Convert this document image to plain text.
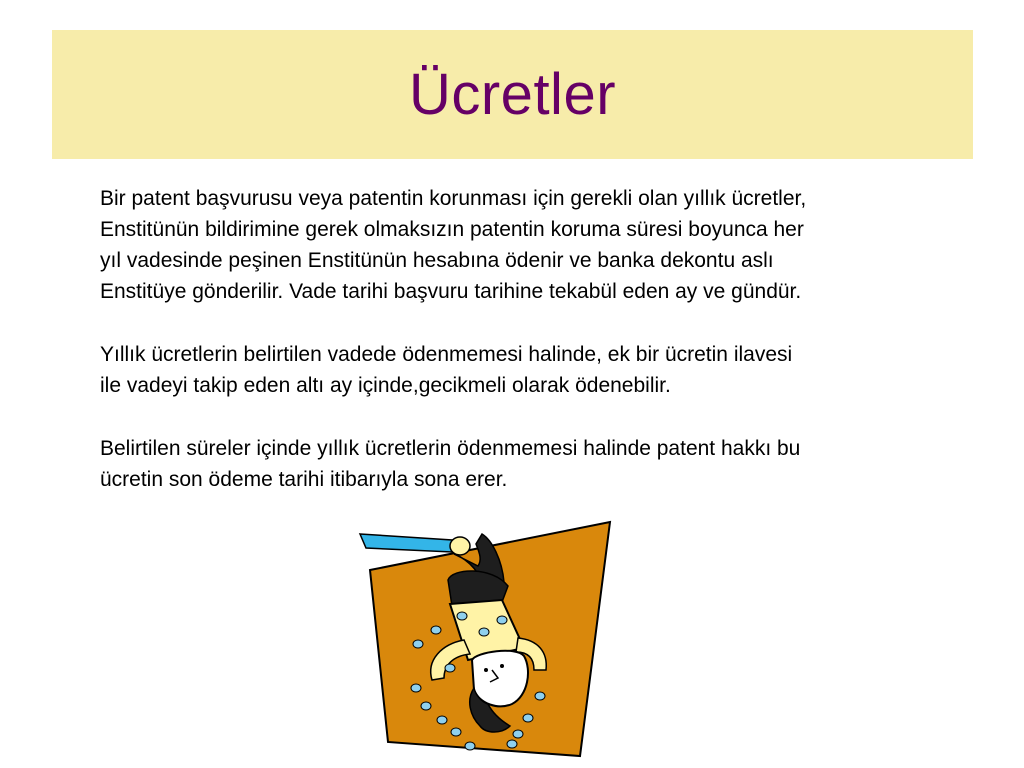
Ücretler

Bir patent başvurusu veya patentin korunması için gerekli olan yıllık ücretler,
Enstitünün bildirimine gerek olmaksızın patentin koruma süresi boyunca her
yıl vadesinde peşinen Enstitünün hesabına ödenir ve banka dekontu aslı
Enstitüye gönderilir. Vade tarihi başvuru tarihine tekabül eden ay ve gündür.

Yıllık ücretlerin belirtilen vadede ödenmemesi halinde, ek bir ücretin ilavesi
ile vadeyi takip eden altı ay içinde,gecikmeli olarak ödenebilir.

Belirtilen süreler içinde yıllık ücretlerin ödenmemesi halinde patent hakkı bu
ücretin son ödeme tarihi itibarıyla sona erer.
